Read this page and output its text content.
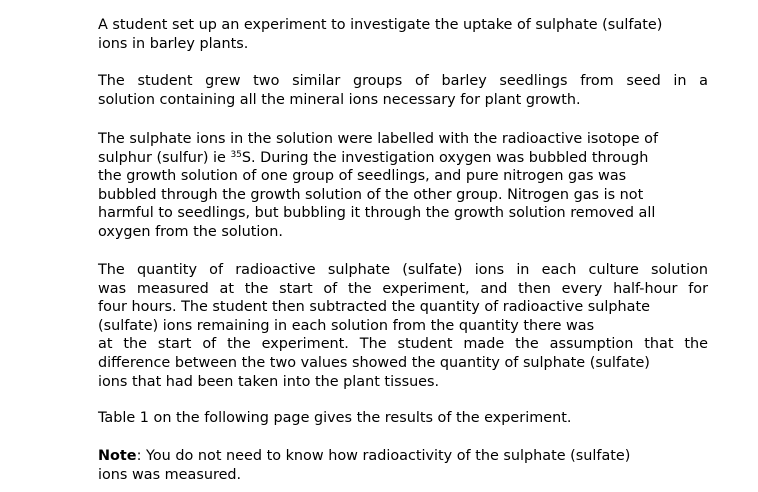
A student set up an experiment to investigate the uptake of sulphate (sulfate)
ions in barley plants.

The student grew two similar groups of barley seedlings from seed in a
solution containing all the mineral ions necessary for plant growth.

The sulphate ions in the solution were labelled with the radioactive isotope of
sulphur (sulfur) ie $^{35}$S. During the investigation oxygen was bubbled through
the growth solution of one group of seedlings, and pure nitrogen gas was
bubbled through the growth solution of the other group. Nitrogen gas is not
harmful to seedlings, but bubbling it through the growth solution removed all
oxygen from the solution.

The quantity of radioactive sulphate (sulfate) ions in each culture solution
was measured at the start of the experiment, and then every half-hour for
four hours. The student then subtracted the quantity of radioactive sulphate
(sulfate) ions remaining in each solution from the quantity there was
at the start of the experiment. The student made the assumption that the
difference between the two values showed the quantity of sulphate (sulfate)
ions that had been taken into the plant tissues.

Table 1 on the following page gives the results of the experiment.

Note: You do not need to know how radioactivity of the sulphate (sulfate)
ions was measured.
